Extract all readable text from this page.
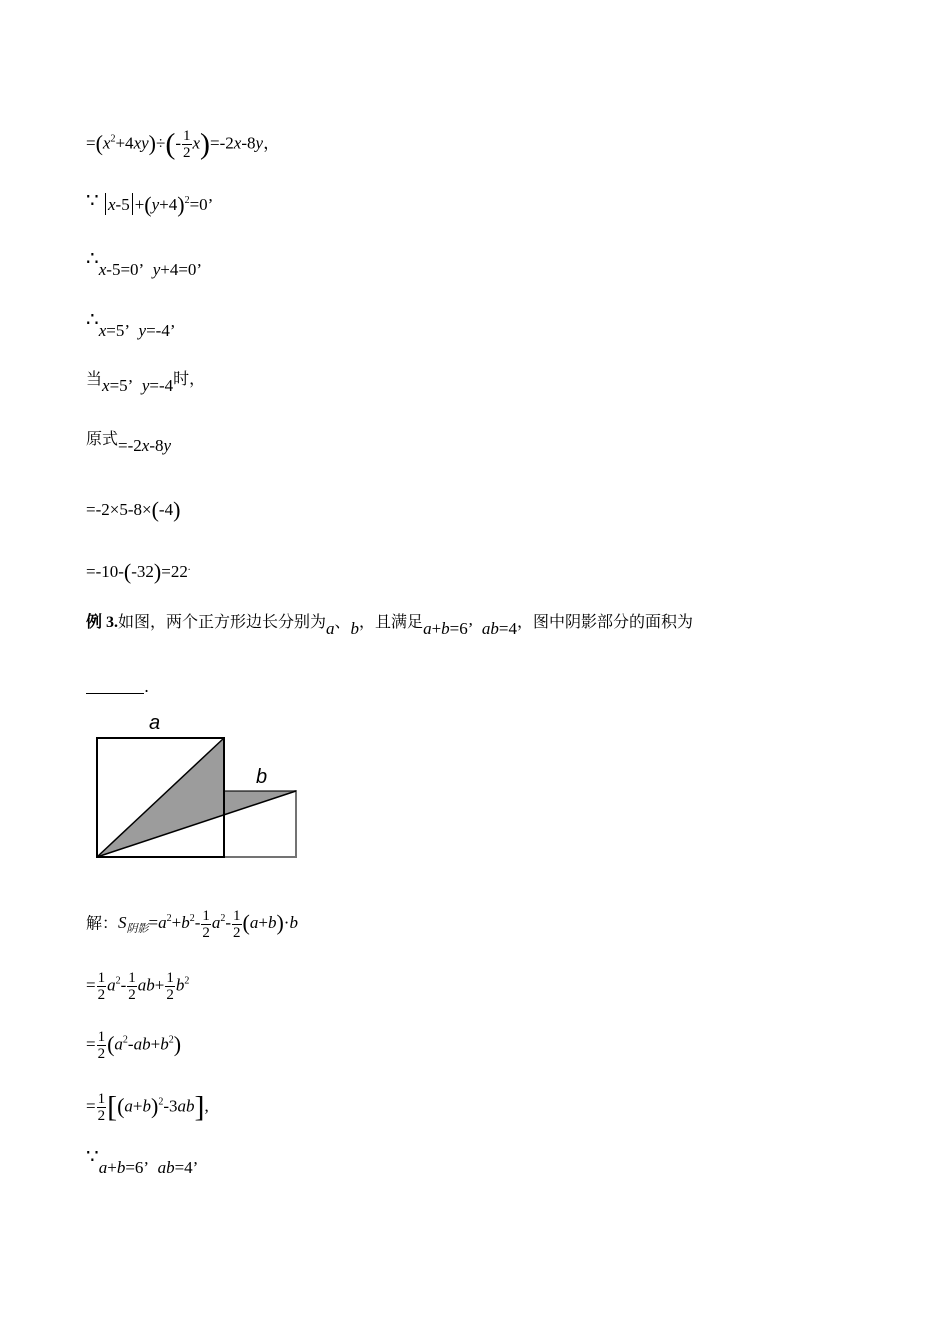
$=(x^2+4xy)\div(- \frac{1}{2} x)=-2x-8y$，
∵ $x-5 +(y+4)^2=0$’
∴x-5=0’  y+4=0’
∴x=5’  y=-4’
当x=5’  y=-4时，
原式=-2x-8y
=-2×5-8×(-4)
=-10-(-32)=22.
例 3.如图，两个正方形边长分别为a、b，且满足a+b=6’  ab=4，图中阴影部分的面积为
.
a
b
解：$S_{阴影}=a^2+b^2- \frac{1}{2} a^2- \frac{1}{2} (a+b)\cdot b$
= $\frac{1}{2} a^2- \frac{1}{2} ab+ \frac{1}{2} b^2$
= $\frac{1}{2} (a^2-ab+b^2)$
= $\frac{1}{2} [(a+b)^2-3ab]$,
∵a+b=6’  ab=4’
